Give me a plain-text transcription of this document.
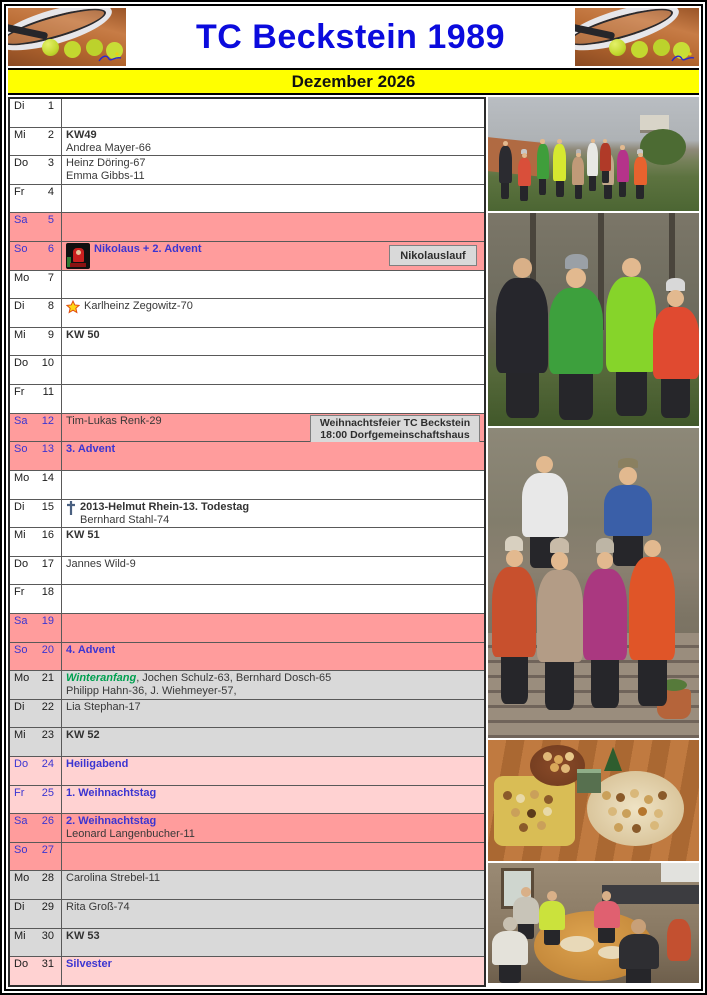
TC Beckstein 1989
Dezember 2026
Di 1
Mi 2 KW49
Andrea Mayer-66
Do 3 Heinz Döring-67
Emma Gibbs-11
Fr 4
Sa 5
So 6	Nikolaus + 2. Advent
Nikolauslauf
Mo 7
Di 8	Karlheinz Zegowitz-70
Mi 9 KW 50
Do 10
Fr 11
Sa 12 Tim-Lukas Renk-29	Weihnachtsfeier TC Beckstein
18:00 Dorfgemeinschaftshaus
So 13 3. Advent
Mo 14
Di 15 2013-Helmut Rhein-13. Todestag
Bernhard Stahl-74
Mi 16 KW 51
Do 17 Jannes Wild-9
Fr 18
Sa 19
So 20 4. Advent
Mo 21 Winteranfang, Jochen Schulz-63, Bernhard Dosch-65
Philipp Hahn-36, J. Wiehmeyer-57,
Di 22 Lia Stephan-17
Mi 23 KW 52
Do 24 Heiligabend
Fr 25 1. Weihnachtstag
Sa 26 2. Weihnachtstag
Leonard Langenbucher-11
So 27
Mo 28 Carolina Strebel-11
Di 29 Rita Groß-74
Mi 30 KW 53
Do 31 Silvester
